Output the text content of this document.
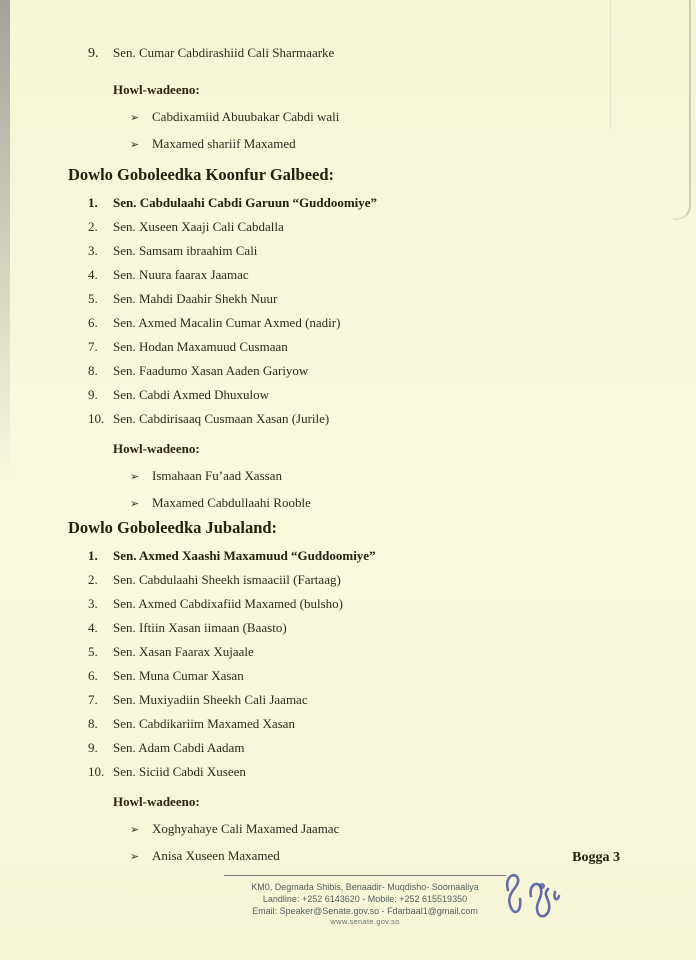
9. Sen. Cumar Cabdirashiid Cali Sharmaarke
Howl-wadeeno:
➢ Cabdixamiid Abuubakar Cabdi wali
➢ Maxamed shariif Maxamed
Dowlo Goboleedka Koonfur Galbeed:
1. Sen. Cabdulaahi Cabdi Garuun “Guddoomiye”
2. Sen. Xuseen Xaaji Cali Cabdalla
3. Sen. Samsam ibraahim Cali
4. Sen. Nuura faarax Jaamac
5. Sen. Mahdi Daahir Shekh Nuur
6. Sen. Axmed Macalin Cumar Axmed (nadir)
7. Sen. Hodan Maxamuud Cusmaan
8. Sen. Faadumo Xasan Aaden Gariyow
9. Sen. Cabdi Axmed Dhuxulow
10. Sen. Cabdirisaaq Cusmaan Xasan (Jurile)
Howl-wadeeno:
➢ Ismahaan Fu’aad Xassan
➢ Maxamed Cabdullaahi Rooble
Dowlo Goboleedka Jubaland:
1. Sen. Axmed Xaashi Maxamuud “Guddoomiye”
2. Sen. Cabdulaahi Sheekh ismaaciil (Fartaag)
3. Sen. Axmed Cabdixafiid Maxamed (bulsho)
4. Sen. Iftiin Xasan iimaan (Baasto)
5. Sen. Xasan Faarax Xujaale
6. Sen. Muna Cumar Xasan
7. Sen. Muxiyadiin Sheekh Cali Jaamac
8. Sen. Cabdikariim Maxamed Xasan
9. Sen. Adam Cabdi Aadam
10. Sen. Siciid Cabdi Xuseen
Howl-wadeeno:
➢ Xoghyahaye Cali Maxamed Jaamac
➢ Anisa Xuseen Maxamed	Bogga 3
KM0, Degmada Shibis, Benaadir- Muqdisho- Soomaaliya
Landline: +252 6143620 - Mobile: +252 615519350
Email: Speaker@Senate.gov.so - Fdarbaal1@gmail.com
www.senate.gov.so
